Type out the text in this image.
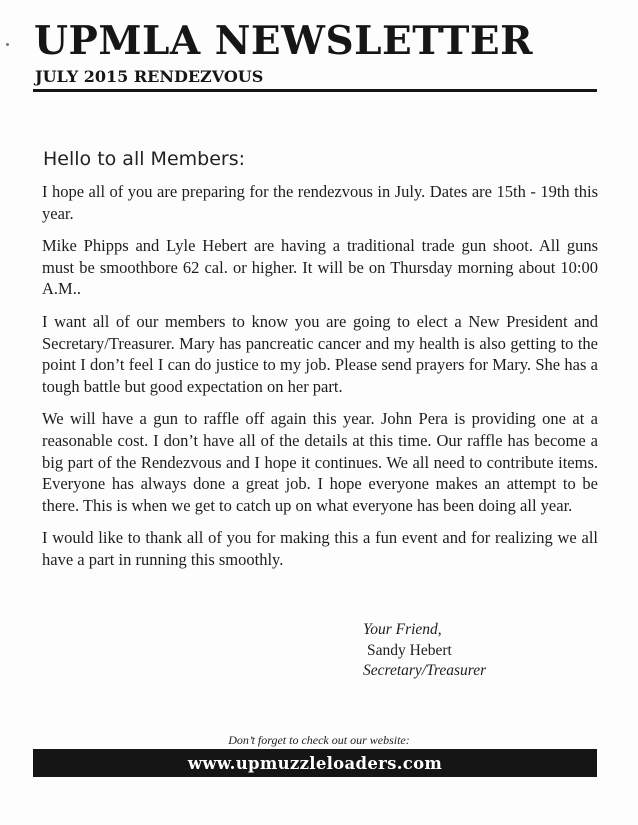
UPMLA NEWSLETTER
JULY 2015 RENDEZVOUS
Hello to all Members:

I hope all of you are preparing for the rendezvous in July. Dates are 15th - 19th this year.

Mike Phipps and Lyle Hebert are having a traditional trade gun shoot. All guns must be smoothbore 62 cal. or higher. It will be on Thursday morning about 10:00 A.M..

I want all of our members to know you are going to elect a New President and Secretary/Treasurer. Mary has pancreatic cancer and my health is also getting to the point I don’t feel I can do justice to my job. Please send prayers for Mary. She has a tough battle but good expectation on her part.

We will have a gun to raffle off again this year. John Pera is providing one at a reasonable cost. I don’t have all of the details at this time. Our raffle has become a big part of the Rendezvous and I hope it continues. We all need to contribute items. Everyone has always done a great job. I hope everyone makes an attempt to be there. This is when we get to catch up on what everyone has been doing all year.

I would like to thank all of you for making this a fun event and for realizing we all have a part in running this smoothly.

Your Friend,
Sandy Hebert
Secretary/Treasurer
Don’t forget to check out our website:
www.upmuzzleloaders.com
